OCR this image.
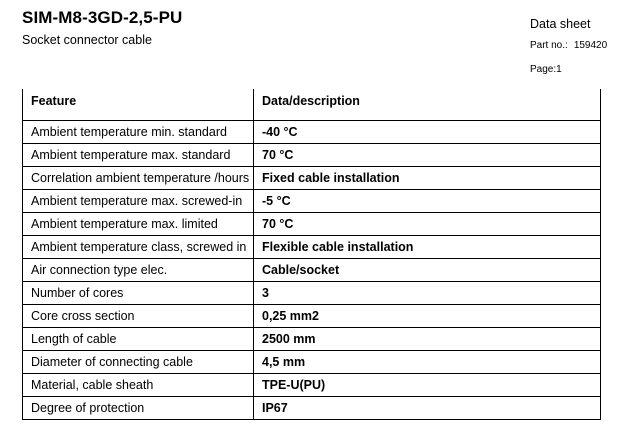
SIM-M8-3GD-2,5-PU
Socket connector cable
Data sheet
Part no.: 159420
Page:1
Feature	Data/description
Ambient temperature min. standard	-40 °C
Ambient temperature max. standard	70 °C
Correlation ambient temperature /hours	Fixed cable installation
Ambient temperature max. screwed-in	-5 °C
Ambient temperature max. limited	70 °C
Ambient temperature class, screwed in	Flexible cable installation
Air connection type elec.	Cable/socket
Number of cores	3
Core cross section	0,25 mm2
Length of cable	2500 mm
Diameter of connecting cable	4,5 mm
Material, cable sheath	TPE-U(PU)
Degree of protection	IP67
